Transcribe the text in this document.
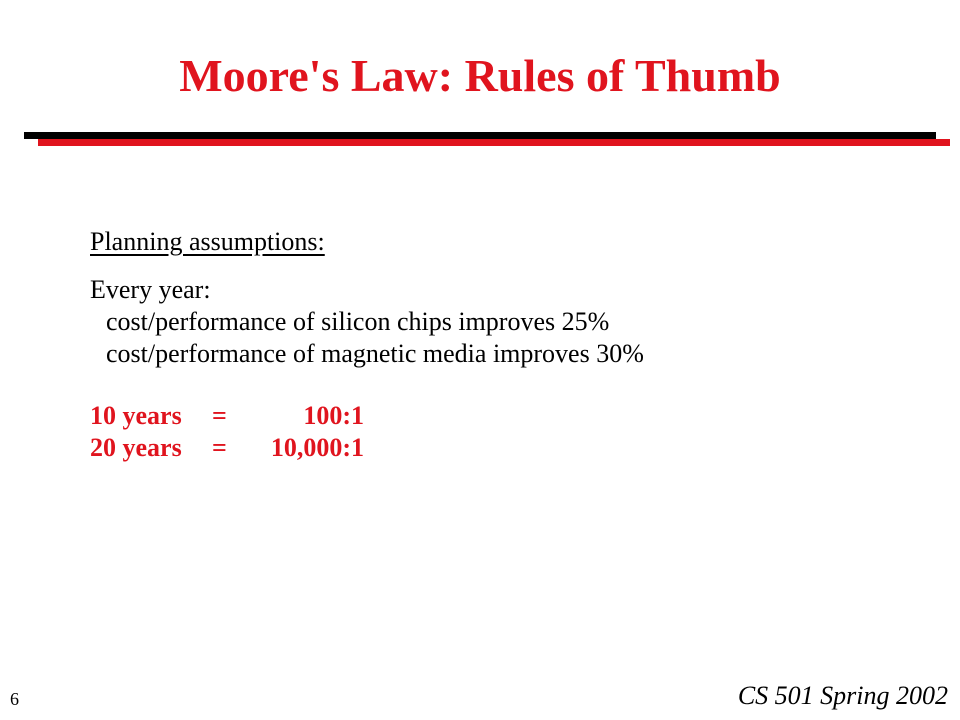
Moore's Law: Rules of Thumb
Planning assumptions:
Every year:
cost/performance of silicon chips improves 25%
cost/performance of magnetic media improves 30%
10 years =	100:1
20 years = 10,000:1
6	CS 501 Spring 2002
